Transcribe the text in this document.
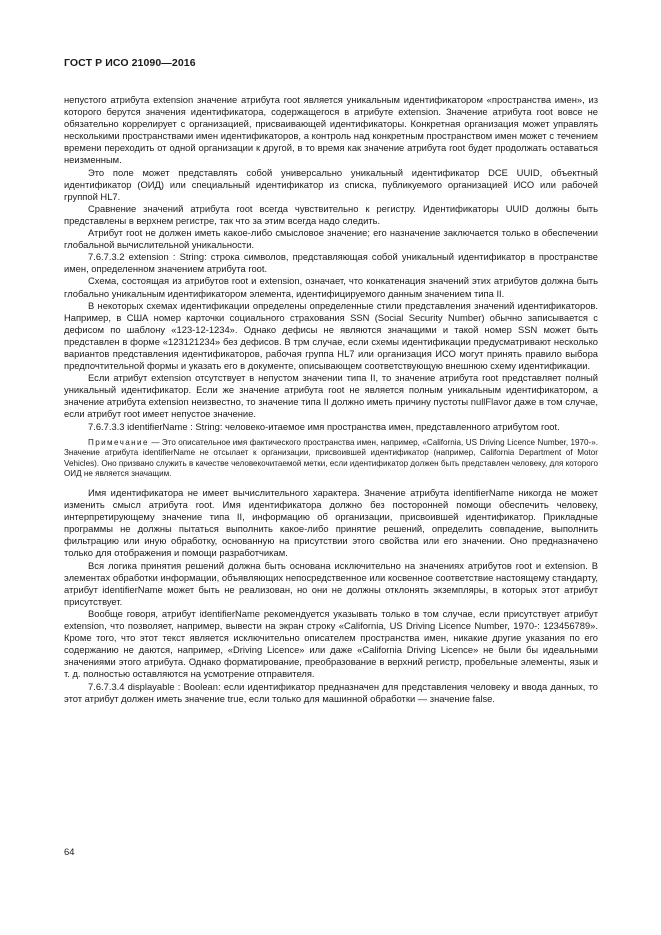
ГОСТ Р ИСО 21090—2016

непустого атрибута extension значение атрибута root является уникальным идентификатором «пространства имен», из которого берутся значения идентификатора, содержащегося в атрибуте extension. Значение атрибута root вовсе не обязательно коррелирует с организацией, присваивающей идентификаторы. Конкретная организация может управлять несколькими пространствами имен идентификаторов, а контроль над конкретным пространством имен может с течением времени переходить от одной организации к другой, в то время как значение атрибута root будет продолжать оставаться неизменным.

Это поле может представлять собой универсально уникальный идентификатор DCE UUID, объектный идентификатор (ОИД) или специальный идентификатор из списка, публикуемого организацией ИСО или рабочей группой HL7.

Сравнение значений атрибута root всегда чувствительно к регистру. Идентификаторы UUID должны быть представлены в верхнем регистре, так что за этим всегда надо следить.

Атрибут root не должен иметь какое-либо смысловое значение; его назначение заключается только в обеспечении глобальной вычислительной уникальности.

7.6.7.3.2 extension : String: строка символов, представляющая собой уникальный идентификатор в пространстве имен, определенном значением атрибута root.

Схема, состоящая из атрибутов root и extension, означает, что конкатенация значений этих атрибутов должна быть глобально уникальным идентификатором элемента, идентифицируемого данным значением типа II.

В некоторых схемах идентификации определены определенные стили представления значений идентификаторов. Например, в США номер карточки социального страхования SSN (Social Security Number) обычно записывается с дефисом по шаблону «123-12-1234». Однако дефисы не являются значащими и такой номер SSN может быть представлен в форме «123121234» без дефисов. В трм случае, если схемы идентификации предусматривают несколько вариантов представления идентификаторов, рабочая группа HL7 или организация ИСО могут принять правило выбора предпочтительной формы и указать его в документе, описывающем соответствующую внешнюю схему идентификации.

Если атрибут extension отсутствует в непустом значении типа II, то значение атрибута root представляет полный уникальный идентификатор. Если же значение атрибута root не является полным уникальным идентификатором, а значение атрибута extension неизвестно, то значение типа II должно иметь причину пустоты nullFlavor даже в том случае, если атрибут root имеет непустое значение.

7.6.7.3.3 identifierName : String: человеко-итаемое имя пространства имен, представленного атрибутом root.

Примечание — Это описательное имя фактического пространства имен, например, «California, US Driving Licence Number, 1970-». Значение атрибута identifierName не отсылает к организации, присвоившей идентификатор (например, California Department of Motor Vehicles). Оно призвано служить в качестве человекочитаемой метки, если идентификатор должен быть представлен человеку, для которого ОИД не является значащим.

Имя идентификатора не имеет вычислительного характера. Значение атрибута identifierName никогда не может изменить смысл атрибута root. Имя идентификатора должно без посторонней помощи обеспечить человеку, интерпретирующему значение типа II, информацию об организации, присвоившей идентификатор. Прикладные программы не должны пытаться выполнить какое-либо принятие решений, определить совпадение, выполнить фильтрацию или иную обработку, основанную на присутствии этого свойства или его значении. Оно предназначено только для отображения и помощи разработчикам.

Вся логика принятия решений должна быть основана исключительно на значениях атрибутов root и extension. В элементах обработки информации, объявляющих непосредственное или косвенное соответствие настоящему стандарту, атрибут identifierName может быть не реализован, но они не должны отклонять экземпляры, в которых этот атрибут присутствует.

Вообще говоря, атрибут identifierName рекомендуется указывать только в том случае, если присутствует атрибут extension, что позволяет, например, вывести на экран строку «California, US Driving Licence Number, 1970-: 123456789». Кроме того, что этот текст является исключительно описателем пространства имен, никакие другие указания по его содержанию не даются, например, «Driving Licence» или даже «California Driving Licence» не были бы идеальными значениями этого атрибута. Однако форматирование, преобразование в верхний регистр, пробельные элементы, язык и т. д. полностью оставляются на усмотрение отправителя.

7.6.7.3.4 displayable : Boolean: если идентификатор предназначен для представления человеку и ввода данных, то этот атрибут должен иметь значение true, если только для машинной обработки — значение false.

64
